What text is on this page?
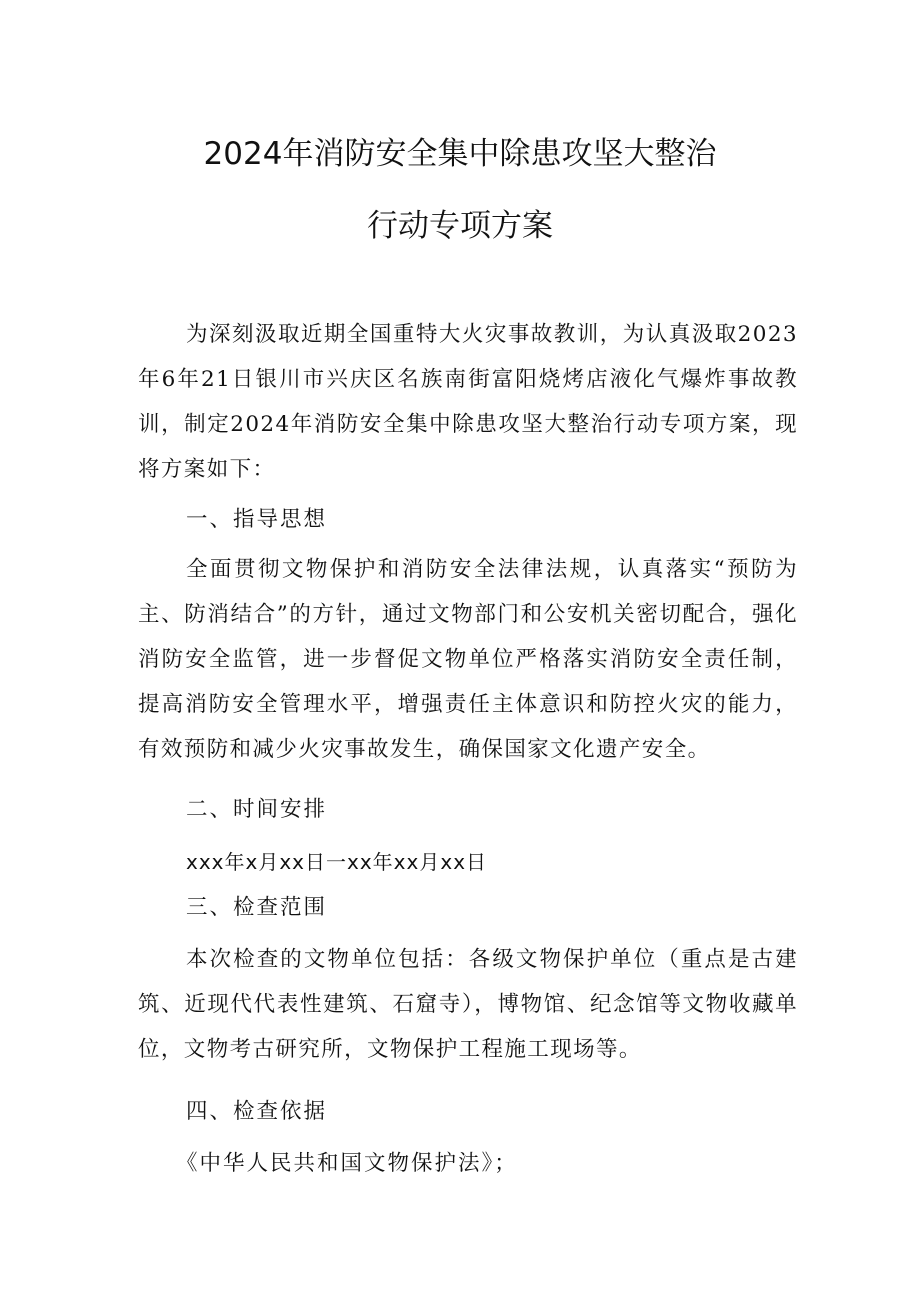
2024年消防安全集中除患攻坚大整治
行动专项方案
为深刻汲取近期全国重特大火灾事故教训，为认真汲取2023年6年21日银川市兴庆区名族南街富阳烧烤店液化气爆炸事故教训，制定2024年消防安全集中除患攻坚大整治行动专项方案，现将方案如下：
一、指导思想
全面贯彻文物保护和消防安全法律法规，认真落实“预防为主、防消结合”的方针，通过文物部门和公安机关密切配合，强化消防安全监管，进一步督促文物单位严格落实消防安全责任制，提高消防安全管理水平，增强责任主体意识和防控火灾的能力，有效预防和减少火灾事故发生，确保国家文化遗产安全。
二、时间安排
xxx年x月xx日一xx年xx月xx日
三、检查范围
本次检查的文物单位包括：各级文物保护单位（重点是古建筑、近现代代表性建筑、石窟寺），博物馆、纪念馆等文物收藏单位，文物考古研究所，文物保护工程施工现场等。
四、检查依据
《中华人民共和国文物保护法》；
